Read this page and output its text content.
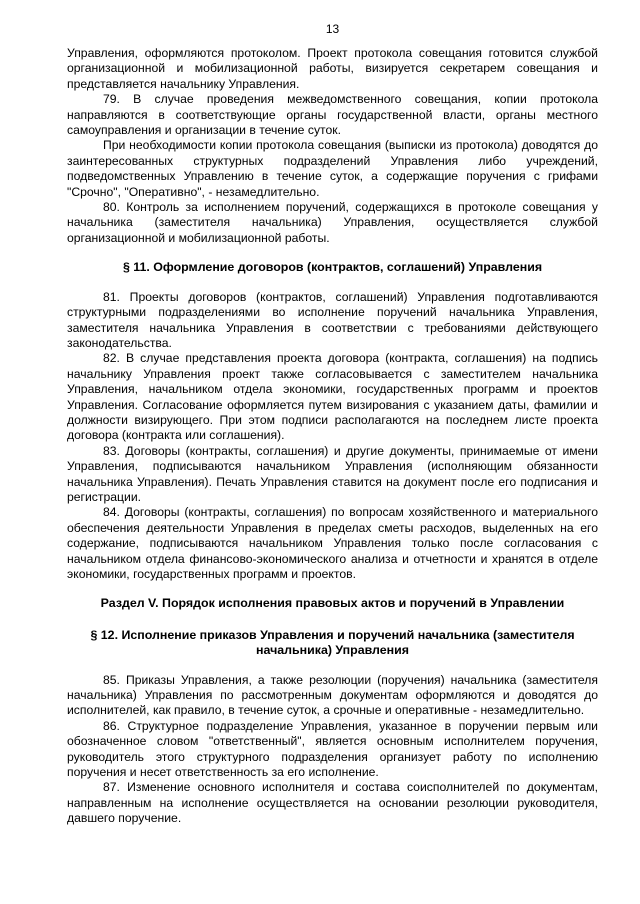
13

Управления, оформляются протоколом. Проект протокола совещания готовится службой организационной и мобилизационной работы, визируется секретарем совещания и представляется начальнику Управления.

79. В случае проведения межведомственного совещания, копии протокола направляются в соответствующие органы государственной власти, органы местного самоуправления и организации в течение суток.

При необходимости копии протокола совещания (выписки из протокола) доводятся до заинтересованных структурных подразделений Управления либо учреждений, подведомственных Управлению в течение суток, а содержащие поручения с грифами "Срочно", "Оперативно", - незамедлительно.

80. Контроль за исполнением поручений, содержащихся в протоколе совещания у начальника (заместителя начальника) Управления, осуществляется службой организационной и мобилизационной работы.

§ 11. Оформление договоров (контрактов, соглашений) Управления

81. Проекты договоров (контрактов, соглашений) Управления подготавливаются структурными подразделениями во исполнение поручений начальника Управления, заместителя начальника Управления в соответствии с требованиями действующего законодательства.

82. В случае представления проекта договора (контракта, соглашения) на подпись начальнику Управления проект также согласовывается с заместителем начальника Управления, начальником отдела экономики, государственных программ и проектов Управления. Согласование оформляется путем визирования с указанием даты, фамилии и должности визирующего. При этом подписи располагаются на последнем листе проекта договора (контракта или соглашения).

83. Договоры (контракты, соглашения) и другие документы, принимаемые от имени Управления, подписываются начальником Управления (исполняющим обязанности начальника Управления). Печать Управления ставится на документ после его подписания и регистрации.

84. Договоры (контракты, соглашения) по вопросам хозяйственного и материального обеспечения деятельности Управления в пределах сметы расходов, выделенных на его содержание, подписываются начальником Управления только после согласования с начальником отдела финансово-экономического анализа и отчетности и хранятся в отделе экономики, государственных программ и проектов.

Раздел V. Порядок исполнения правовых актов и поручений в Управлении

§ 12. Исполнение приказов Управления и поручений начальника (заместителя

начальника) Управления

85. Приказы Управления, а также резолюции (поручения) начальника (заместителя начальника) Управления по рассмотренным документам оформляются и доводятся до исполнителей, как правило, в течение суток, а срочные и оперативные - незамедлительно.

86. Структурное подразделение Управления, указанное в поручении первым или обозначенное словом "ответственный", является основным исполнителем поручения, руководитель этого структурного подразделения организует работу по исполнению поручения и несет ответственность за его исполнение.

87. Изменение основного исполнителя и состава соисполнителей по документам, направленным на исполнение осуществляется на основании резолюции руководителя, давшего поручение.
